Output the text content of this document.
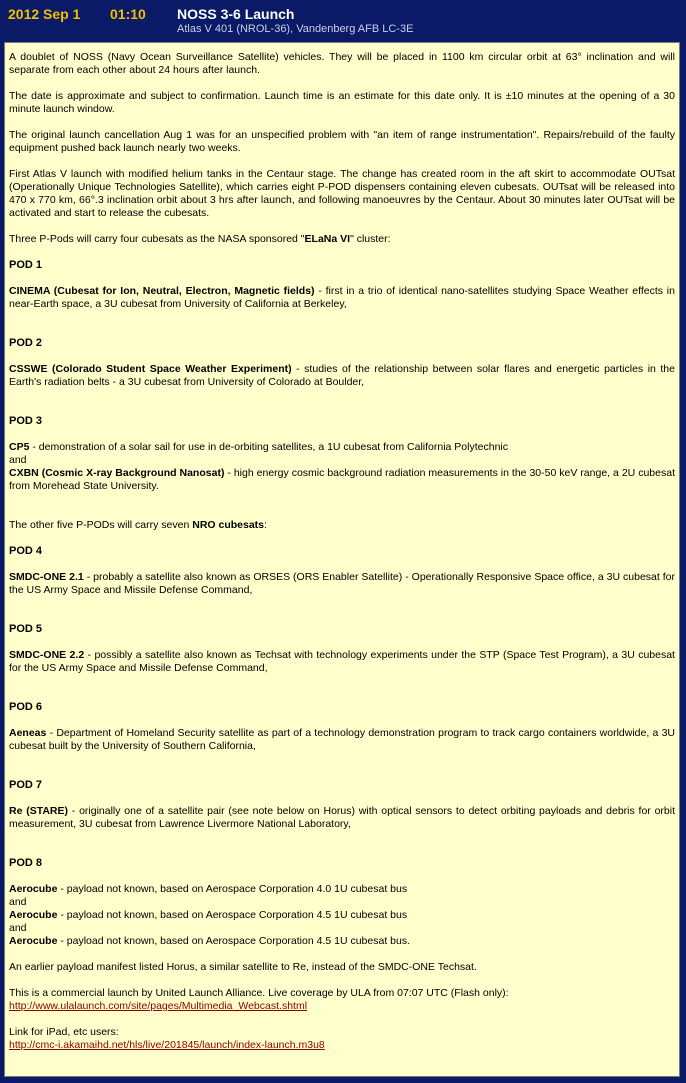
2012 Sep 1 01:10 NOSS 3-6 Launch
Atlas V 401 (NROL-36), Vandenberg AFB LC-3E

A doublet of NOSS (Navy Ocean Surveillance Satellite) vehicles. They will be placed in 1100 km circular orbit at 63° inclination and will separate from each other about 24 hours after launch.

The date is approximate and subject to confirmation. Launch time is an estimate for this date only. It is ±10 minutes at the opening of a 30 minute launch window.

The original launch cancellation Aug 1 was for an unspecified problem with "an item of range instrumentation". Repairs/rebuild of the faulty equipment pushed back launch nearly two weeks.

First Atlas V launch with modified helium tanks in the Centaur stage. The change has created room in the aft skirt to accommodate OUTsat (Operationally Unique Technologies Satellite), which carries eight P-POD dispensers containing eleven cubesats. OUTsat will be released into 470 x 770 km, 66°.3 inclination orbit about 3 hrs after launch, and following manoeuvres by the Centaur. About 30 minutes later OUTsat will be activated and start to release the cubesats.

Three P-Pods will carry four cubesats as the NASA sponsored "ELaNa VI" cluster:

POD 1

CINEMA (Cubesat for Ion, Neutral, Electron, Magnetic fields) - first in a trio of identical nano-satellites studying Space Weather effects in near-Earth space, a 3U cubesat from University of California at Berkeley,

POD 2

CSSWE (Colorado Student Space Weather Experiment) - studies of the relationship between solar flares and energetic particles in the Earth's radiation belts - a 3U cubesat from University of Colorado at Boulder,

POD 3

CP5 - demonstration of a solar sail for use in de-orbiting satellites, a 1U cubesat from California Polytechnic
and
CXBN (Cosmic X-ray Background Nanosat) - high energy cosmic background radiation measurements in the 30-50 keV range, a 2U cubesat from Morehead State University.

The other five P-PODs will carry seven NRO cubesats:

POD 4

SMDC-ONE 2.1 - probably a satellite also known as ORSES (ORS Enabler Satellite) - Operationally Responsive Space office, a 3U cubesat for the US Army Space and Missile Defense Command,

POD 5

SMDC-ONE 2.2 - possibly a satellite also known as Techsat with technology experiments under the STP (Space Test Program), a 3U cubesat for the US Army Space and Missile Defense Command,

POD 6

Aeneas - Department of Homeland Security satellite as part of a technology demonstration program to track cargo containers worldwide, a 3U cubesat built by the University of Southern California,

POD 7

Re (STARE) - originally one of a satellite pair (see note below on Horus) with optical sensors to detect orbiting payloads and debris for orbit measurement, 3U cubesat from Lawrence Livermore National Laboratory,

POD 8

Aerocube - payload not known, based on Aerospace Corporation 4.0 1U cubesat bus
and
Aerocube - payload not known, based on Aerospace Corporation 4.5 1U cubesat bus
and
Aerocube - payload not known, based on Aerospace Corporation 4.5 1U cubesat bus.

An earlier payload manifest listed Horus, a similar satellite to Re, instead of the SMDC-ONE Techsat.

This is a commercial launch by United Launch Alliance. Live coverage by ULA from 07:07 UTC (Flash only):
http://www.ulalaunch.com/site/pages/Multimedia_Webcast.shtml

Link for iPad, etc users:
http://cmc-i.akamaihd.net/hls/live/201845/launch/index-launch.m3u8
